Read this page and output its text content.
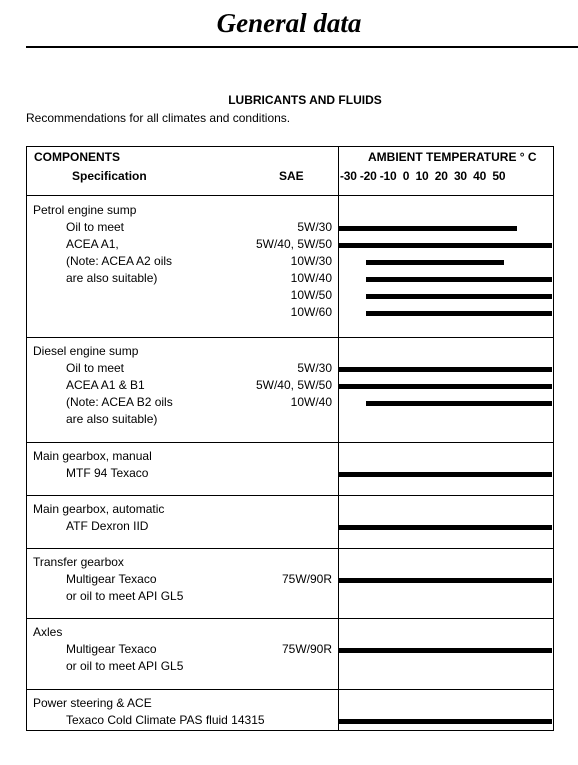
General data
LUBRICANTS AND FLUIDS
Recommendations for all climates and conditions.
COMPONENTS
Specification	SAE
AMBIENT TEMPERATURE ° C
-30 -20 -10  0  10  20  30  40  50
Petrol engine sump
Oil to meet
ACEA A1,
(Note: ACEA A2 oils
are also suitable)
5W/30
5W/40, 5W/50
10W/30
10W/40
10W/50
10W/60
Diesel engine sump
Oil to meet
ACEA A1 & B1
(Note: ACEA B2 oils
are also suitable)
5W/30
5W/40, 5W/50
10W/40
Main gearbox, manual
MTF 94 Texaco
Main gearbox, automatic
ATF Dexron IID
Transfer gearbox
Multigear Texaco
or oil to meet API GL5
75W/90R
Axles
Multigear Texaco
or oil to meet API GL5
75W/90R
Power steering & ACE
Texaco Cold Climate PAS fluid 14315
